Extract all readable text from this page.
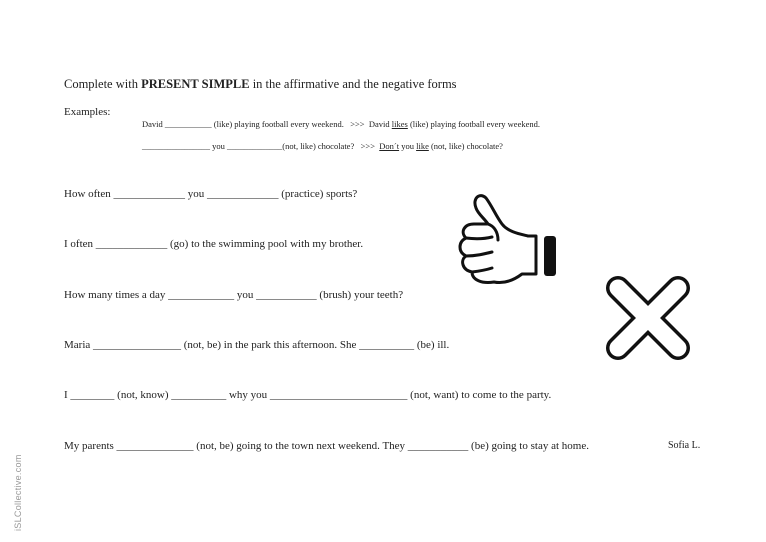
Complete with PRESENT SIMPLE in the affirmative and the negative forms
Examples:
David ___________ (like) playing football every weekend. >>> David likes (like) playing football every weekend.
________________ you _____________(not, like) chocolate? >>> Don´t you like (not, like) chocolate?
How often _____________ you _____________ (practice) sports?
I often _____________ (go) to the swimming pool with my brother.
How many times a day ____________ you ___________ (brush) your teeth?
Maria ________________ (not, be) in the park this afternoon. She __________ (be) ill.
I ________ (not, know) __________ why you _________________________ (not, want) to come to the party.
My parents ______________ (not, be) going to the town next weekend. They ___________ (be) going to stay at home.	Sofia L.
iSLCollective.com
